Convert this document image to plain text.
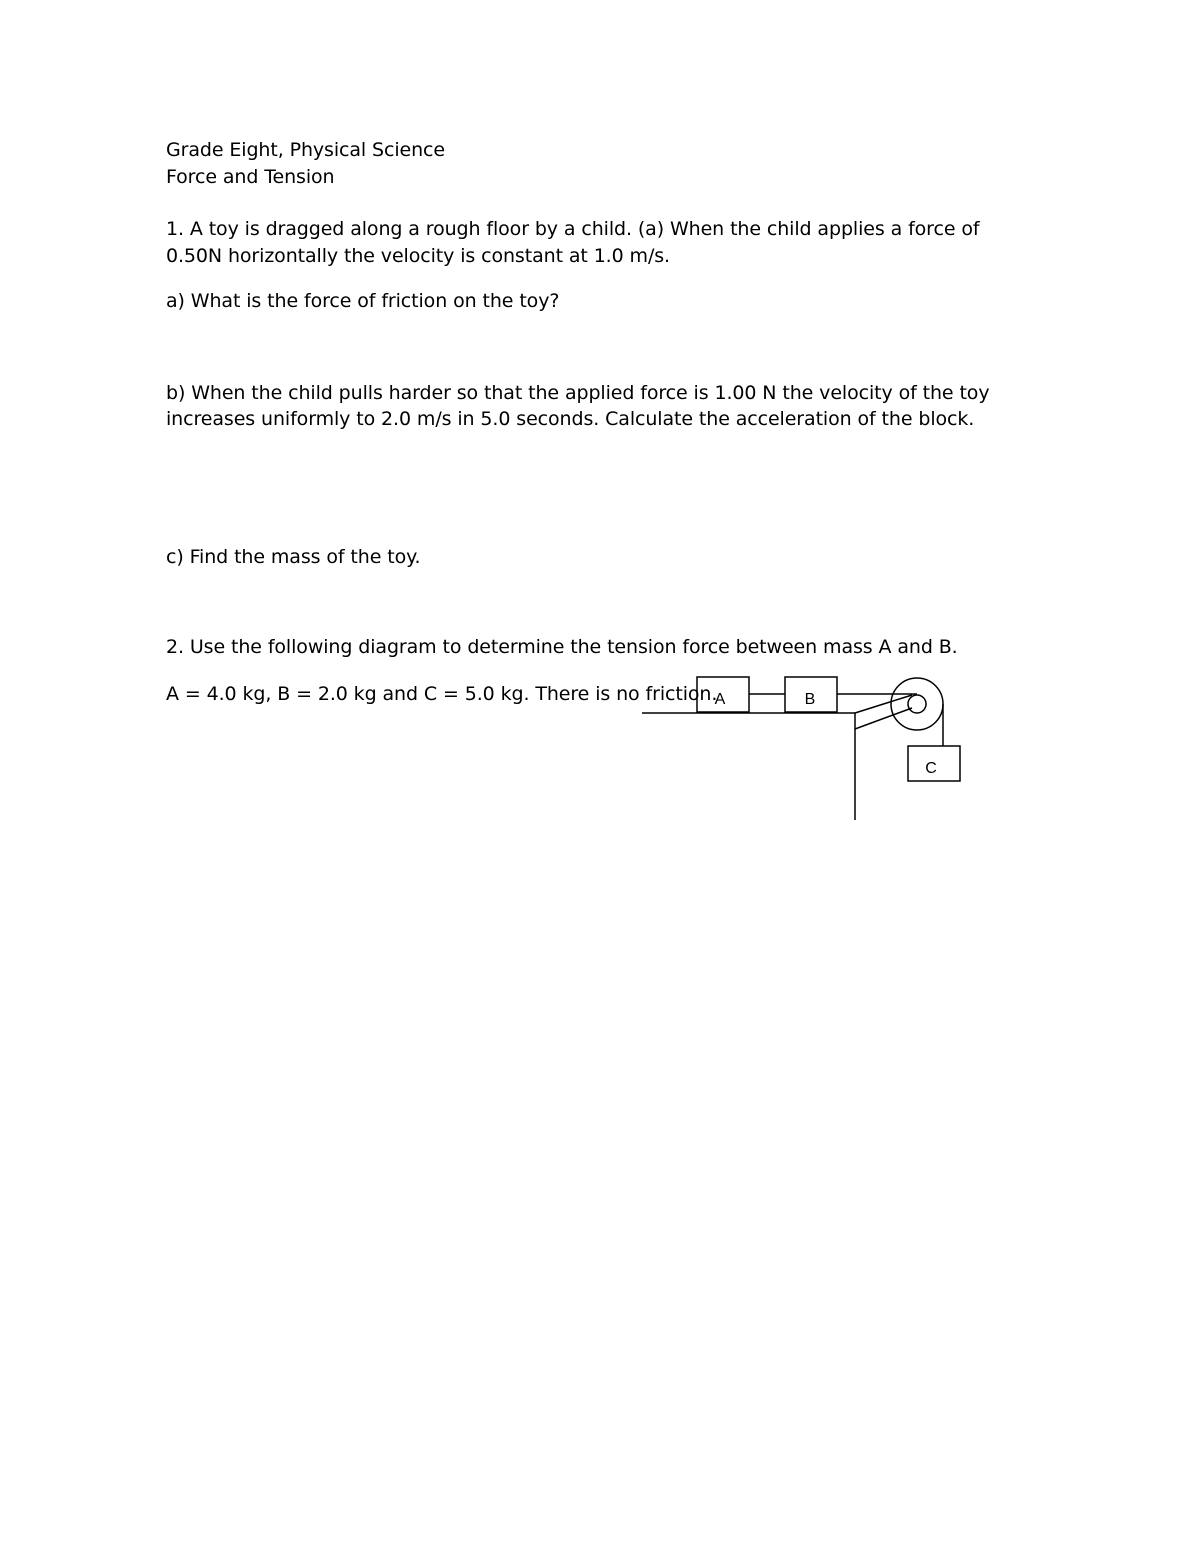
Grade Eight, Physical Science
Force and Tension
1. A toy is dragged along a rough floor by a child. (a) When the child applies a force of
0.50N horizontally the velocity is constant at 1.0 m/s.
a) What is the force of friction on the toy?
b) When the child pulls harder so that the applied force is 1.00 N the velocity of the toy
increases uniformly to 2.0 m/s in 5.0 seconds. Calculate the acceleration of the block.
c) Find the mass of the toy.
2. Use the following diagram to determine the tension force between mass A and B.
A = 4.0 kg, B = 2.0 kg and C = 5.0 kg. There is no friction.
A	B
C
